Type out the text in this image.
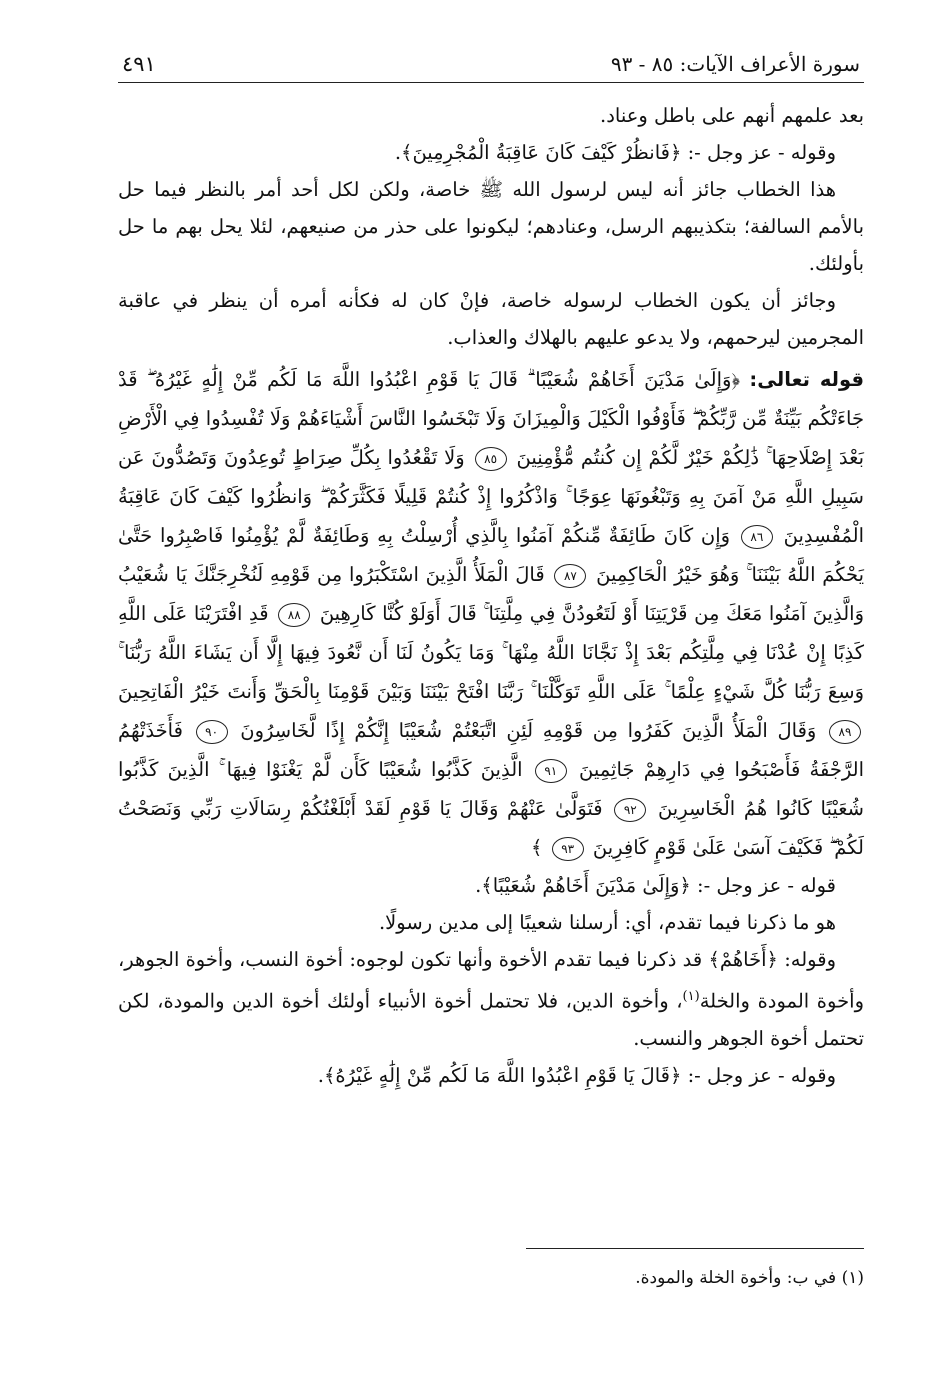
سورة الأعراف الآيات: ٨٥ - ٩٣
٤٩١

بعد علمهم أنهم على باطل وعناد.

وقوله - عز وجل -: ﴿فَانظُرْ كَيْفَ كَانَ عَاقِبَةُ الْمُجْرِمِينَ﴾.

هذا الخطاب جائز أنه ليس لرسول الله ﷺ خاصة، ولكن لكل أحد أمر بالنظر فيما حل بالأمم السالفة؛ بتكذيبهم الرسل، وعنادهم؛ ليكونوا على حذر من صنيعهم، لئلا يحل بهم ما حل بأولئك.

وجائز أن يكون الخطاب لرسوله خاصة، فإنْ كان له فكأنه أمره أن ينظر في عاقبة المجرمين ليرحمهم، ولا يدعو عليهم بالهلاك والعذاب.

قوله تعالى: ﴿وَإِلَىٰ مَدْيَنَ أَخَاهُمْ شُعَيْبًا ۗ قَالَ يَا قَوْمِ اعْبُدُوا اللَّهَ مَا لَكُم مِّنْ إِلَٰهٍ غَيْرُهُ ۖ قَدْ جَاءَتْكُم بَيِّنَةٌ مِّن رَّبِّكُمْ ۖ فَأَوْفُوا الْكَيْلَ وَالْمِيزَانَ وَلَا تَبْخَسُوا النَّاسَ أَشْيَاءَهُمْ وَلَا تُفْسِدُوا فِي الْأَرْضِ بَعْدَ إِصْلَاحِهَا ۚ ذَٰلِكُمْ خَيْرٌ لَّكُمْ إِن كُنتُم مُّؤْمِنِينَ ٨٥ وَلَا تَقْعُدُوا بِكُلِّ صِرَاطٍ تُوعِدُونَ وَتَصُدُّونَ عَن سَبِيلِ اللَّهِ مَنْ آمَنَ بِهِ وَتَبْغُونَهَا عِوَجًا ۚ وَاذْكُرُوا إِذْ كُنتُمْ قَلِيلًا فَكَثَّرَكُمْ ۖ وَانظُرُوا كَيْفَ كَانَ عَاقِبَةُ الْمُفْسِدِينَ ٨٦ وَإِن كَانَ طَائِفَةٌ مِّنكُمْ آمَنُوا بِالَّذِي أُرْسِلْتُ بِهِ وَطَائِفَةٌ لَّمْ يُؤْمِنُوا فَاصْبِرُوا حَتَّىٰ يَحْكُمَ اللَّهُ بَيْنَنَا ۚ وَهُوَ خَيْرُ الْحَاكِمِينَ ٨٧ قَالَ الْمَلَأُ الَّذِينَ اسْتَكْبَرُوا مِن قَوْمِهِ لَنُخْرِجَنَّكَ يَا شُعَيْبُ وَالَّذِينَ آمَنُوا مَعَكَ مِن قَرْيَتِنَا أَوْ لَتَعُودُنَّ فِي مِلَّتِنَا ۚ قَالَ أَوَلَوْ كُنَّا كَارِهِينَ ٨٨ قَدِ افْتَرَيْنَا عَلَى اللَّهِ كَذِبًا إِنْ عُدْنَا فِي مِلَّتِكُم بَعْدَ إِذْ نَجَّانَا اللَّهُ مِنْهَا ۚ وَمَا يَكُونُ لَنَا أَن نَّعُودَ فِيهَا إِلَّا أَن يَشَاءَ اللَّهُ رَبُّنَا ۚ وَسِعَ رَبُّنَا كُلَّ شَيْءٍ عِلْمًا ۚ عَلَى اللَّهِ تَوَكَّلْنَا ۚ رَبَّنَا افْتَحْ بَيْنَنَا وَبَيْنَ قَوْمِنَا بِالْحَقِّ وَأَنتَ خَيْرُ الْفَاتِحِينَ ٨٩ وَقَالَ الْمَلَأُ الَّذِينَ كَفَرُوا مِن قَوْمِهِ لَئِنِ اتَّبَعْتُمْ شُعَيْبًا إِنَّكُمْ إِذًا لَّخَاسِرُونَ ٩٠ فَأَخَذَتْهُمُ الرَّجْفَةُ فَأَصْبَحُوا فِي دَارِهِمْ جَاثِمِينَ ٩١ الَّذِينَ كَذَّبُوا شُعَيْبًا كَأَن لَّمْ يَغْنَوْا فِيهَا ۚ الَّذِينَ كَذَّبُوا شُعَيْبًا كَانُوا هُمُ الْخَاسِرِينَ ٩٢ فَتَوَلَّىٰ عَنْهُمْ وَقَالَ يَا قَوْمِ لَقَدْ أَبْلَغْتُكُمْ رِسَالَاتِ رَبِّي وَنَصَحْتُ لَكُمْ ۖ فَكَيْفَ آسَىٰ عَلَىٰ قَوْمٍ كَافِرِينَ ٩٣ ﴾

قوله - عز وجل -: ﴿وَإِلَىٰ مَدْيَنَ أَخَاهُمْ شُعَيْبًا﴾.

هو ما ذكرنا فيما تقدم، أي: أرسلنا شعيبًا إلى مدين رسولًا.

وقوله: ﴿أَخَاهُمْ﴾ قد ذكرنا فيما تقدم الأخوة وأنها تكون لوجوه: أخوة النسب، وأخوة الجوهر، وأخوة المودة والخلة$^{(١)}$، وأخوة الدين، فلا تحتمل أخوة الأنبياء أولئك أخوة الدين والمودة، لكن تحتمل أخوة الجوهر والنسب.

وقوله - عز وجل -: ﴿قَالَ يَا قَوْمِ اعْبُدُوا اللَّهَ مَا لَكُم مِّنْ إِلَٰهٍ غَيْرُهُ﴾.

(١) في ب: وأخوة الخلة والمودة.
